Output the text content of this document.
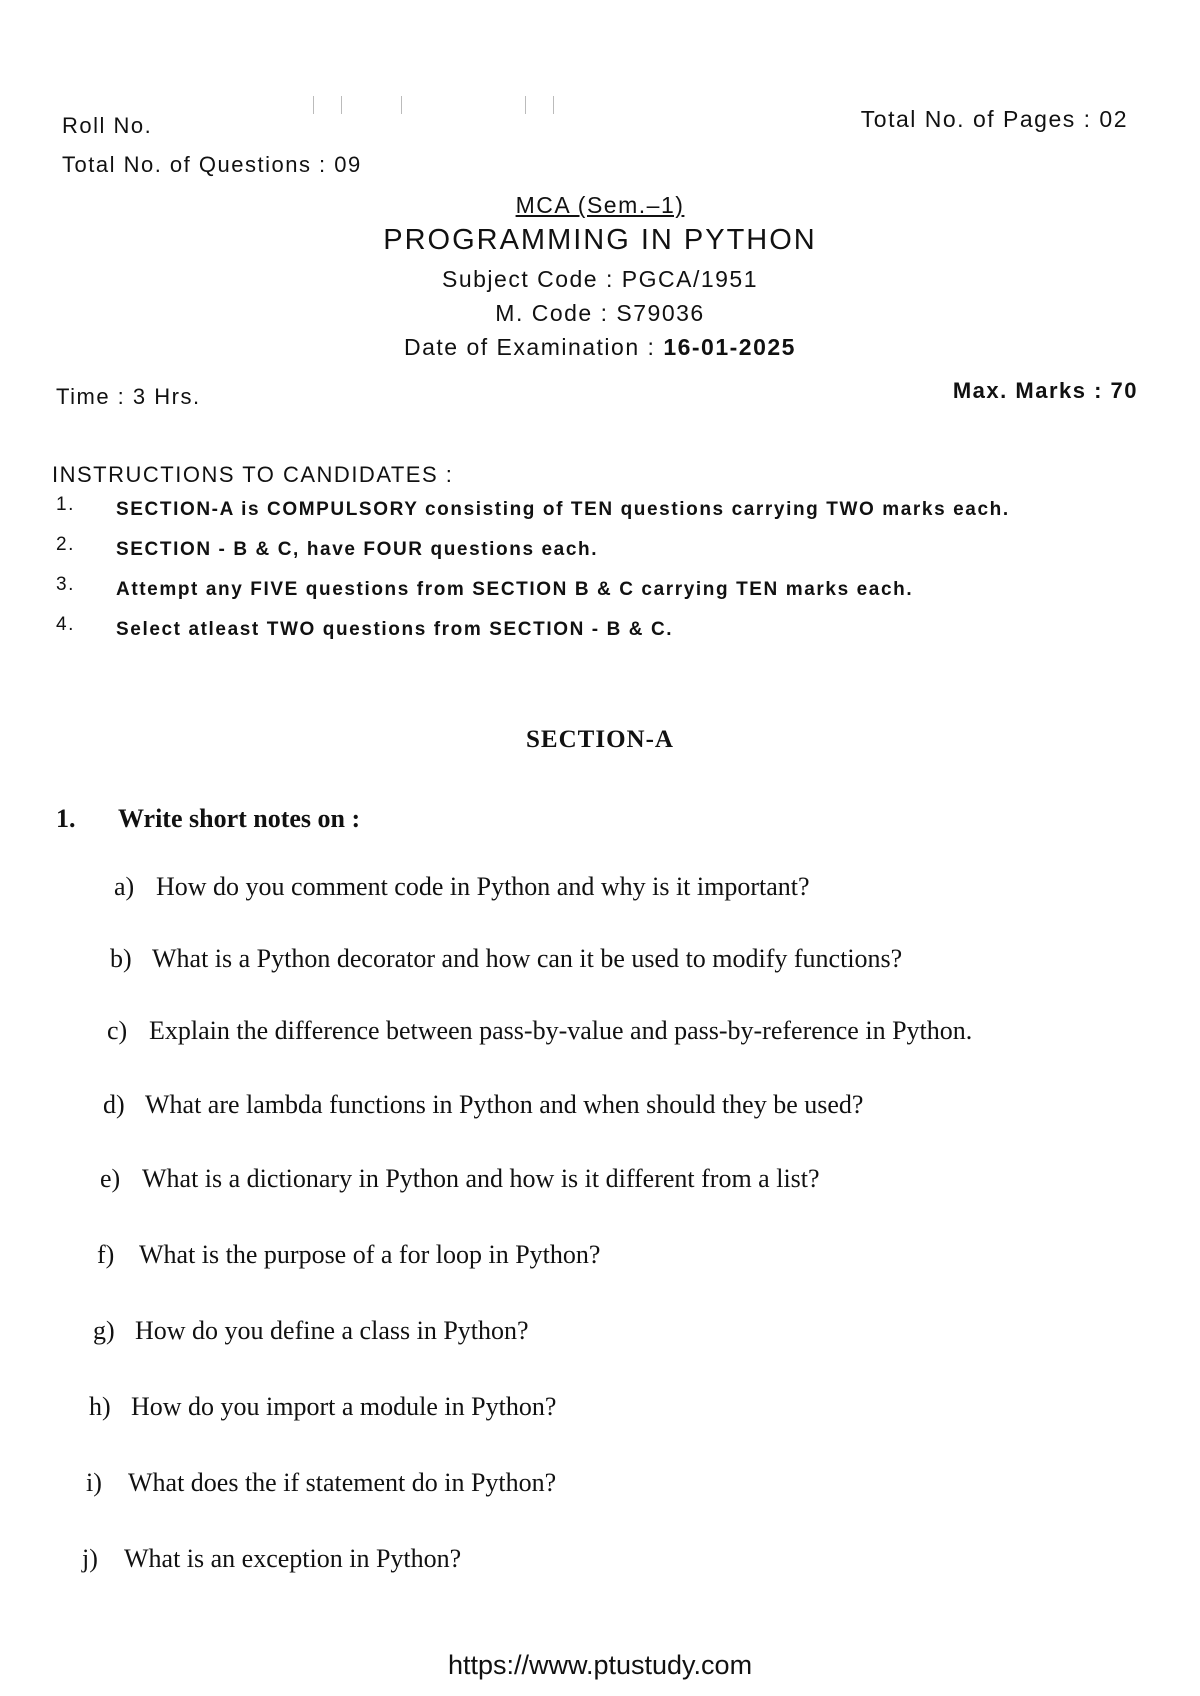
Roll No.	Total No. of Pages : 02
Total No. of Questions : 09
MCA (Sem.–1)
PROGRAMMING IN PYTHON
Subject Code : PGCA/1951
M. Code : S79036
Date of Examination : 16-01-2025
Time : 3 Hrs.	Max. Marks : 70
INSTRUCTIONS TO CANDIDATES :
1.	SECTION-A is COMPULSORY consisting of TEN questions carrying TWO marks each.
2.	SECTION - B & C, have FOUR questions each.
3.	Attempt any FIVE questions from SECTION B & C carrying TEN marks each.
4.	Select atleast TWO questions from SECTION - B & C.
SECTION-A
1. Write short notes on :
a) How do you comment code in Python and why is it important?
b) What is a Python decorator and how can it be used to modify functions?
c) Explain the difference between pass-by-value and pass-by-reference in Python.
d) What are lambda functions in Python and when should they be used?
e) What is a dictionary in Python and how is it different from a list?
f) What is the purpose of a for loop in Python?
g) How do you define a class in Python?
h) How do you import a module in Python?
i) What does the if statement do in Python?
j) What is an exception in Python?
https://www.ptustudy.com
